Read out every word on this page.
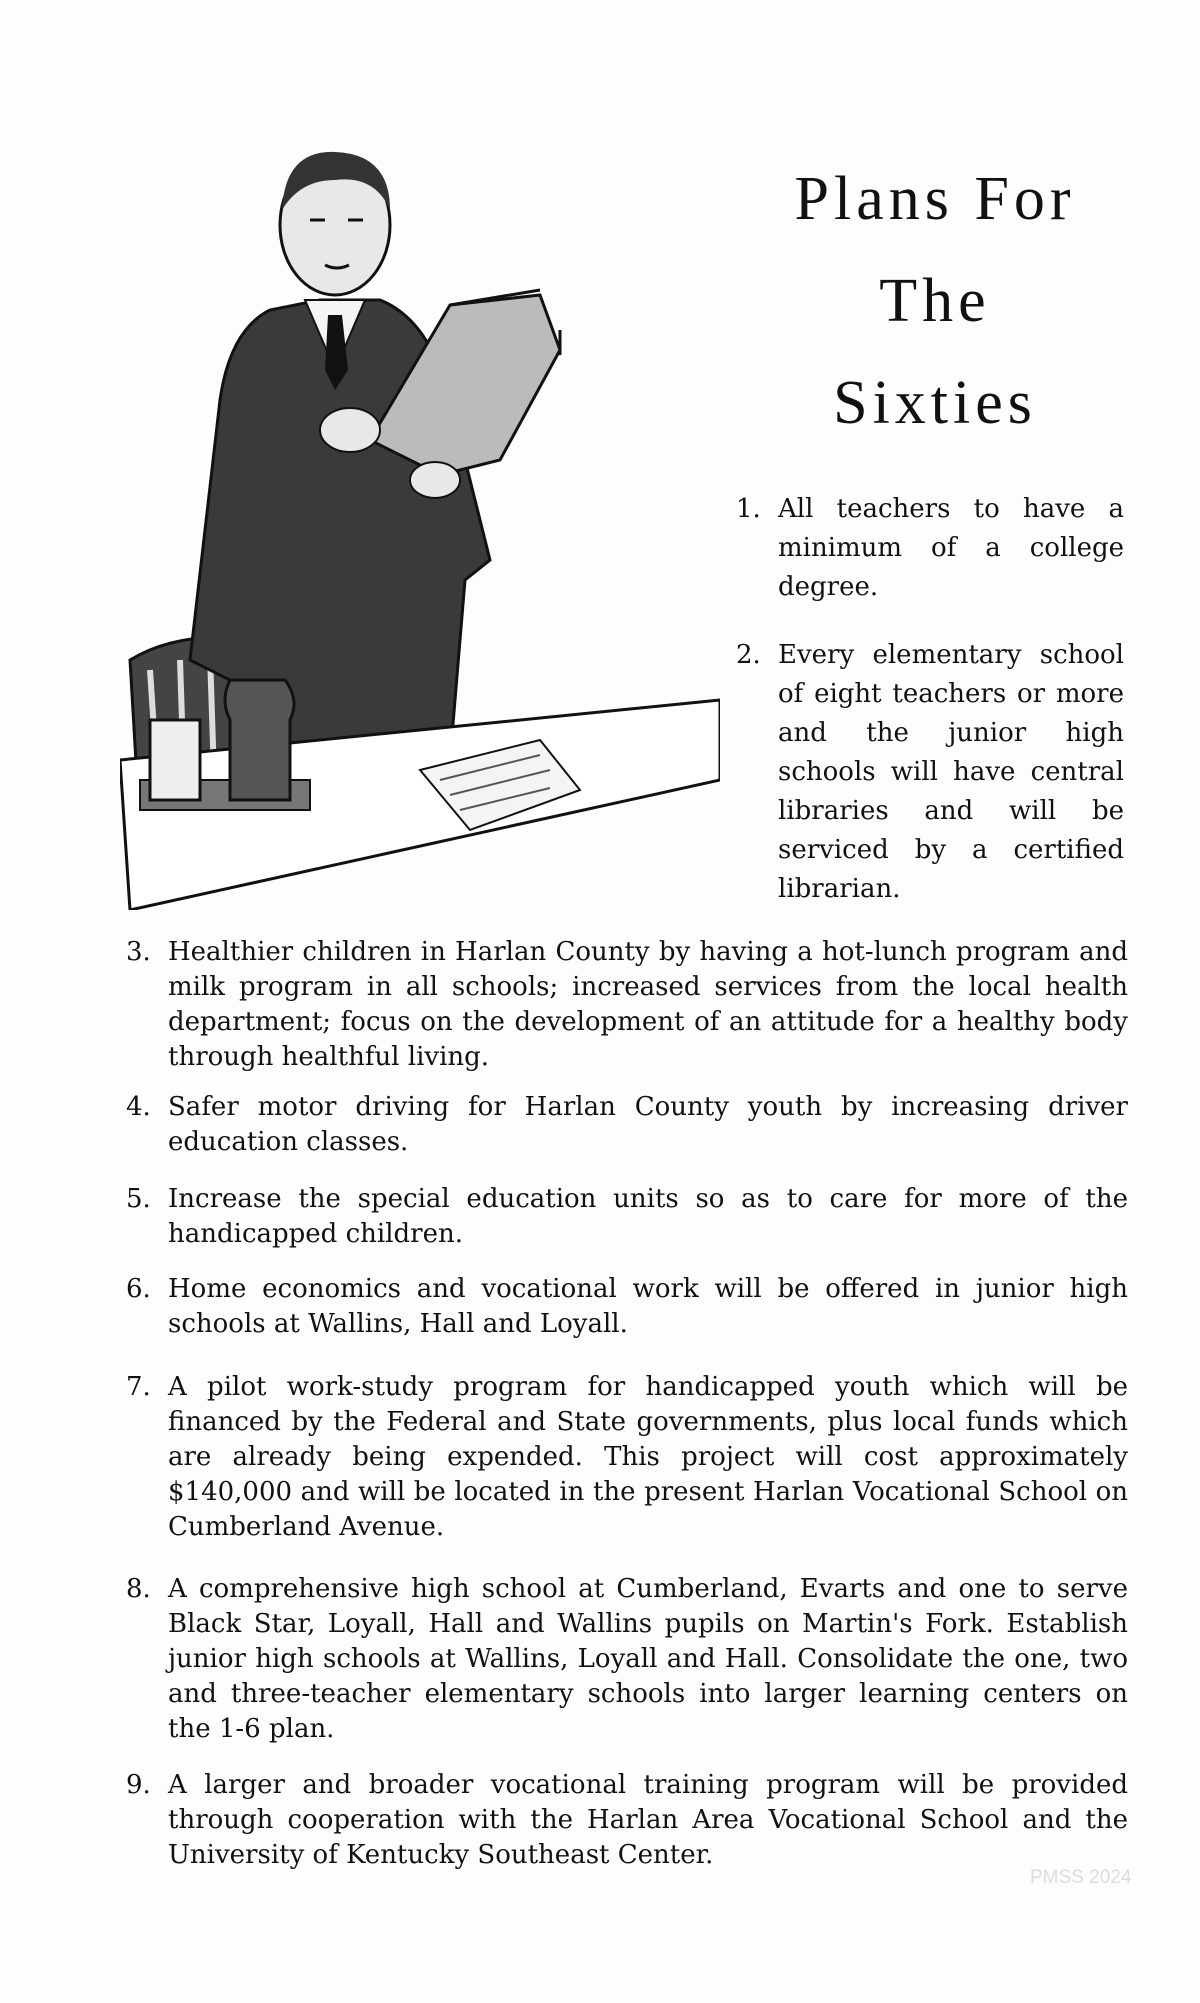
Plans For
The
Sixties
1. All teachers to have a minimum of a college degree.
2. Every elementary school of eight teachers or more and the junior high schools will have central libraries and will be serviced by a certified librarian.
3. Healthier children in Harlan County by having a hot-lunch program and milk program in all schools; increased services from the local health department; focus on the development of an attitude for a healthy body through healthful living.
4. Safer motor driving for Harlan County youth by increasing driver education classes.
5. Increase the special education units so as to care for more of the handicapped children.
6. Home economics and vocational work will be offered in junior high schools at Wallins, Hall and Loyall.
7. A pilot work-study program for handicapped youth which will be financed by the Federal and State governments, plus local funds which are already being expended. This project will cost approximately $140,000 and will be located in the present Harlan Vocational School on Cumberland Avenue.
8. A comprehensive high school at Cumberland, Evarts and one to serve Black Star, Loyall, Hall and Wallins pupils on Martin's Fork. Establish junior high schools at Wallins, Loyall and Hall. Consolidate the one, two and three-teacher elementary schools into larger learning centers on the 1-6 plan.
9. A larger and broader vocational training program will be provided through cooperation with the Harlan Area Vocational School and the University of Kentucky Southeast Center.
PMSS 2024
